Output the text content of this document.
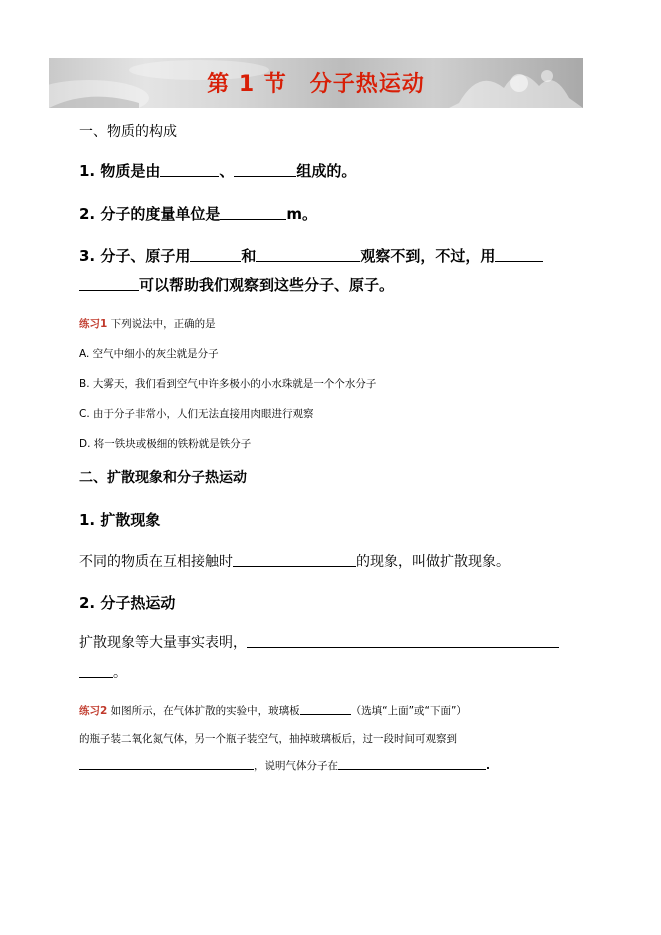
第 1 节　分子热运动
一、物质的构成
1. 物质是由	、	组成的。
2. 分子的度量单位是	m。
3. 分子、原子用	和	观察不到，不过，用
可以帮助我们观察到这些分子、原子。
练习1 下列说法中，正确的是
A. 空气中细小的灰尘就是分子
B. 大雾天，我们看到空气中许多极小的小水珠就是一个个水分子
C. 由于分子非常小，人们无法直接用肉眼进行观察
D. 将一铁块或极细的铁粉就是铁分子
二、扩散现象和分子热运动
1. 扩散现象
不同的物质在互相接触时	的现象，叫做扩散现象。
2. 分子热运动
扩散现象等大量事实表明，
。
练习2 如图所示，在气体扩散的实验中，玻璃板	（选填“上面”或“下面”）
的瓶子装二氧化氮气体，另一个瓶子装空气，抽掉玻璃板后，过一段时间可观察到
，说明气体分子在	.
